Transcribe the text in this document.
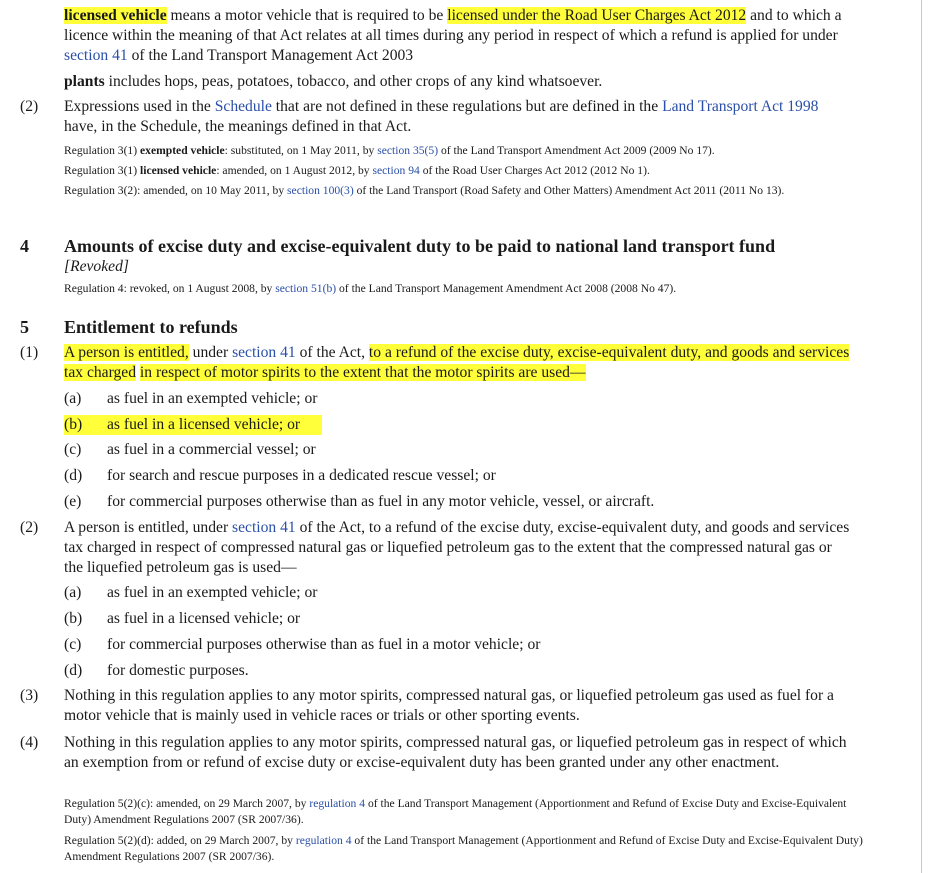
licensed vehicle means a motor vehicle that is required to be licensed under the Road User Charges Act 2012 and to which a licence within the meaning of that Act relates at all times during any period in respect of which a refund is applied for under section 41 of the Land Transport Management Act 2003
plants includes hops, peas, potatoes, tobacco, and other crops of any kind whatsoever.
(2) Expressions used in the Schedule that are not defined in these regulations but are defined in the Land Transport Act 1998 have, in the Schedule, the meanings defined in that Act.
Regulation 3(1) exempted vehicle: substituted, on 1 May 2011, by section 35(5) of the Land Transport Amendment Act 2009 (2009 No 17).
Regulation 3(1) licensed vehicle: amended, on 1 August 2012, by section 94 of the Road User Charges Act 2012 (2012 No 1).
Regulation 3(2): amended, on 10 May 2011, by section 100(3) of the Land Transport (Road Safety and Other Matters) Amendment Act 2011 (2011 No 13).
4 Amounts of excise duty and excise-equivalent duty to be paid to national land transport fund
[Revoked]
Regulation 4: revoked, on 1 August 2008, by section 51(b) of the Land Transport Management Amendment Act 2008 (2008 No 47).
5 Entitlement to refunds
(1) A person is entitled, under section 41 of the Act, to a refund of the excise duty, excise-equivalent duty, and goods and services tax charged in respect of motor spirits to the extent that the motor spirits are used—
(a) as fuel in an exempted vehicle; or
(b)	as fuel in a licensed vehicle; or
(c) as fuel in a commercial vessel; or
(d) for search and rescue purposes in a dedicated rescue vessel; or
(e) for commercial purposes otherwise than as fuel in any motor vehicle, vessel, or aircraft.
(2) A person is entitled, under section 41 of the Act, to a refund of the excise duty, excise-equivalent duty, and goods and services tax charged in respect of compressed natural gas or liquefied petroleum gas to the extent that the compressed natural gas or the liquefied petroleum gas is used—
(a) as fuel in an exempted vehicle; or
(b) as fuel in a licensed vehicle; or
(c) for commercial purposes otherwise than as fuel in a motor vehicle; or
(d) for domestic purposes.
(3) Nothing in this regulation applies to any motor spirits, compressed natural gas, or liquefied petroleum gas used as fuel for a motor vehicle that is mainly used in vehicle races or trials or other sporting events.
(4) Nothing in this regulation applies to any motor spirits, compressed natural gas, or liquefied petroleum gas in respect of which an exemption from or refund of excise duty or excise-equivalent duty has been granted under any other enactment.
Regulation 5(2)(c): amended, on 29 March 2007, by regulation 4 of the Land Transport Management (Apportionment and Refund of Excise Duty and Excise-Equivalent Duty) Amendment Regulations 2007 (SR 2007/36).
Regulation 5(2)(d): added, on 29 March 2007, by regulation 4 of the Land Transport Management (Apportionment and Refund of Excise Duty and Excise-Equivalent Duty) Amendment Regulations 2007 (SR 2007/36).
